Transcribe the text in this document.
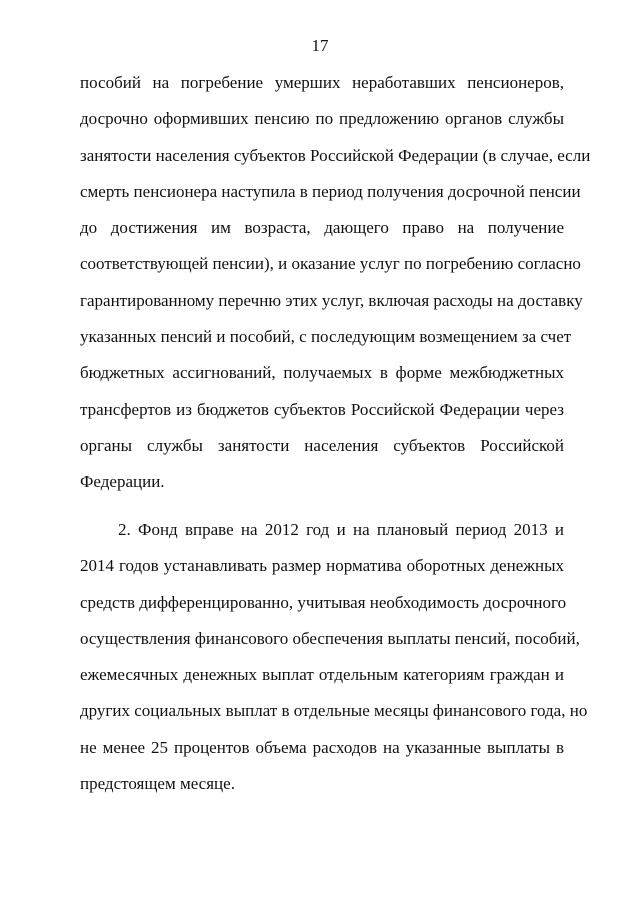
17
пособий на погребение умерших неработавших пенсионеров,
досрочно оформивших пенсию по предложению органов службы
занятости населения субъектов Российской Федерации (в случае, если
смерть пенсионера наступила в период получения досрочной пенсии
до достижения им возраста, дающего право на получение
соответствующей пенсии), и оказание услуг по погребению согласно
гарантированному перечню этих услуг, включая расходы на доставку
указанных пенсий и пособий, с последующим возмещением за счет
бюджетных ассигнований, получаемых в форме межбюджетных
трансфертов из бюджетов субъектов Российской Федерации через
органы службы занятости населения субъектов Российской
Федерации.
2. Фонд вправе на 2012 год и на плановый период 2013 и
2014 годов устанавливать размер норматива оборотных денежных
средств дифференцированно, учитывая необходимость досрочного
осуществления финансового обеспечения выплаты пенсий, пособий,
ежемесячных денежных выплат отдельным категориям граждан и
других социальных выплат в отдельные месяцы финансового года, но
не менее 25 процентов объема расходов на указанные выплаты в
предстоящем месяце.
